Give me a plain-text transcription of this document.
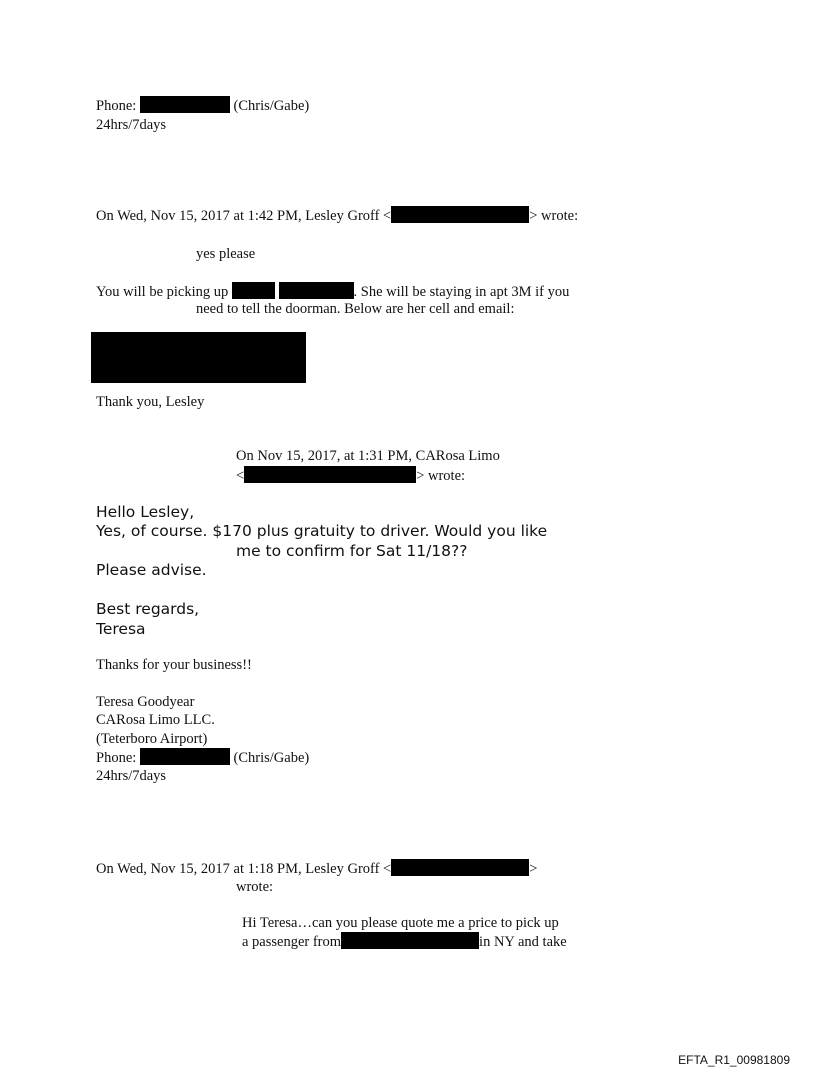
Phone:	(Chris/Gabe)
24hrs/7days
On Wed, Nov 15, 2017 at 1:42 PM, Lesley Groff <	> wrote:
yes please
You will be picking up	. She will be staying in apt 3M if you
need to tell the doorman. Below are her cell and email:
Thank you, Lesley
On Nov 15, 2017, at 1:31 PM, CARosa Limo
<	> wrote:
Hello Lesley,
Yes, of course. $170 plus gratuity to driver. Would you like
me to confirm for Sat 11/18??
Please advise.
Best regards,
Teresa
Thanks for your business!!
Teresa Goodyear
CARosa Limo LLC.
(Teterboro Airport)
Phone:	(Chris/Gabe)
24hrs/7days
On Wed, Nov 15, 2017 at 1:18 PM, Lesley Groff <	>
wrote:
Hi Teresa…can you please quote me a price to pick up
a passenger from	in NY and take
EFTA_R1_00981809
